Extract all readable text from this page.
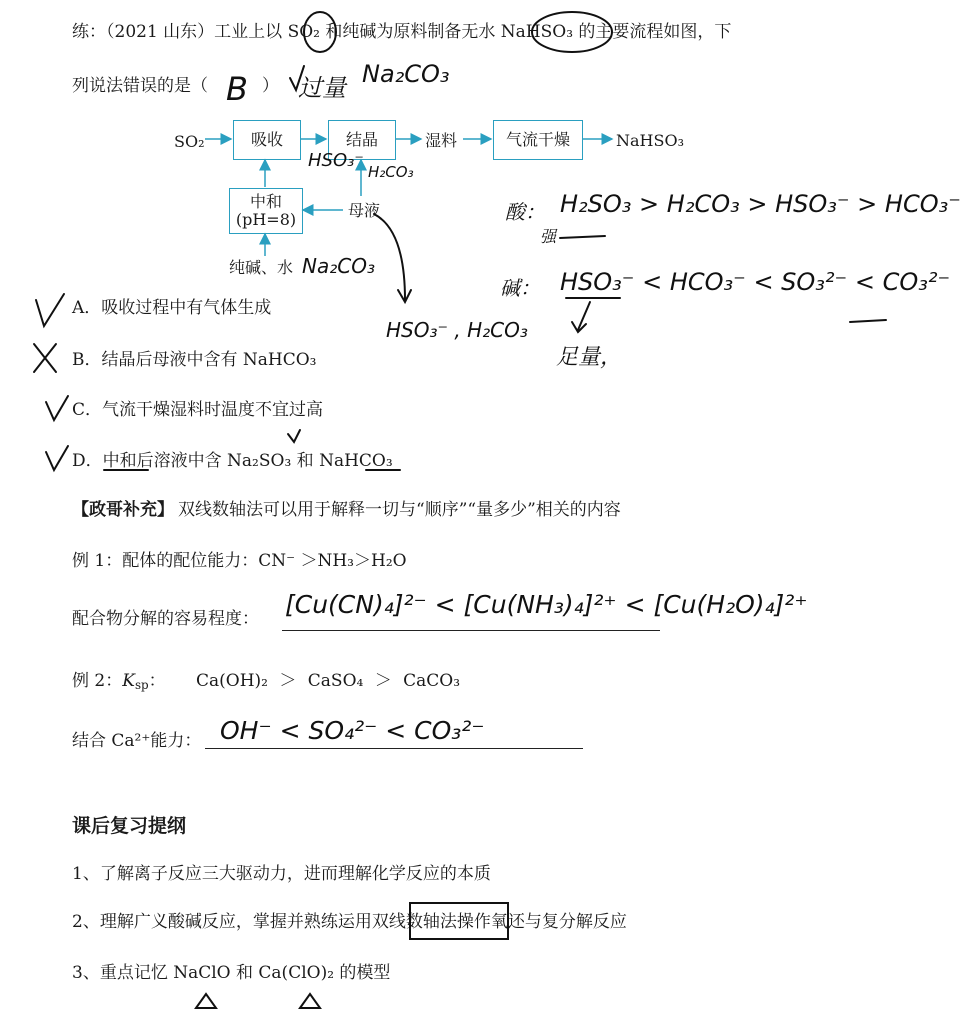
练：（2021 山东）工业上以 SO₂ 和纯碱为原料制备无水 NaHSO₃ 的主要流程如图，下
列说法错误的是（	）
B 过量 Na₂CO₃
SO₂	吸收	结晶	湿料	气流干燥	NaHSO₃
中和
(pH=8)	母液
纯碱、水 Na₂CO₃
HSO₃⁻
H₂CO₃
HSO₃⁻ , H₂CO₃
酸： H₂SO₃ > H₂CO₃ > HSO₃⁻ > HCO₃⁻
强
碱： HSO₃⁻ < HCO₃⁻ < SO₃²⁻ < CO₃²⁻
足量，
A．吸收过程中有气体生成
B．结晶后母液中含有 NaHCO₃
C．气流干燥湿料时温度不宜过高
D．中和后溶液中含 Na₂SO₃ 和 NaHCO₃
【政哥补充】 双线数轴法可以用于解释一切与“顺序”“量多少”相关的内容
例 1：配体的配位能力：CN⁻ ＞NH₃＞H₂O
配合物分解的容易程度： [Cu(CN)₄]²⁻ < [Cu(NH₃)₄]²⁺ < [Cu(H₂O)₄]²⁺
例 2：$K_{sp}$： Ca(OH)₂ ＞ CaSO₄ ＞ CaCO₃
结合 Ca²⁺能力： OH⁻ < SO₄²⁻ < CO₃²⁻
课后复习提纲
1、了解离子反应三大驱动力，进而理解化学反应的本质
2、理解广义酸碱反应，掌握并熟练运用双线数轴法操作氧还与复分解反应
3、重点记忆 NaClO 和 Ca(ClO)₂ 的模型
